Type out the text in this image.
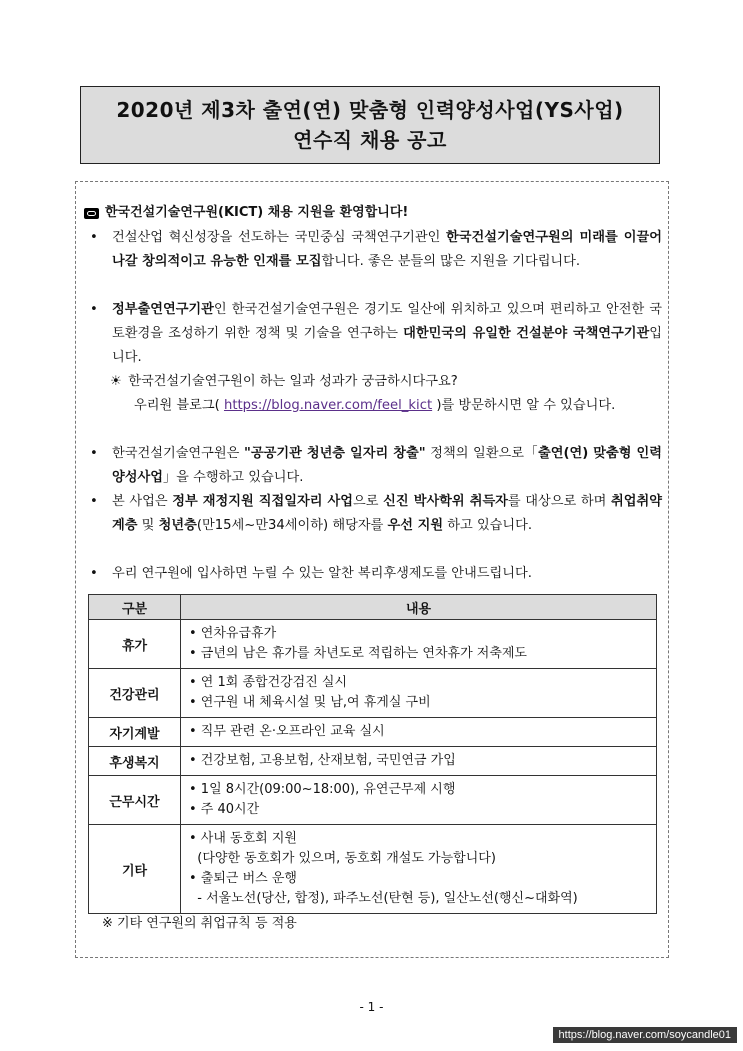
2020년 제3차 출연(연) 맞춤형 인력양성사업(YS사업)
연수직 채용 공고
한국건설기술연구원(KICT) 채용 지원을 환영합니다!
• 건설산업 혁신성장을 선도하는 국민중심 국책연구기관인 한국건설기술연구원의 미래를 이끌어 나갈 창의적이고 유능한 인재를 모집합니다. 좋은 분들의 많은 지원을 기다립니다.
• 정부출연연구기관인 한국건설기술연구원은 경기도 일산에 위치하고 있으며 편리하고 안전한 국토환경을 조성하기 위한 정책 및 기술을 연구하는 대한민국의 유일한 건설분야 국책연구기관입니다.
☀ 한국건설기술연구원이 하는 일과 성과가 궁금하시다구요?
우리원 블로그( https://blog.naver.com/feel_kict )를 방문하시면 알 수 있습니다.
• 한국건설기술연구원은 "공공기관 청년층 일자리 창출" 정책의 일환으로「출연(연) 맞춤형 인력양성사업」을 수행하고 있습니다.
• 본 사업은 정부 재정지원 직접일자리 사업으로 신진 박사학위 취득자를 대상으로 하며 취업취약계층 및 청년층(만15세~만34세이하) 해당자를 우선 지원 하고 있습니다.
• 우리 연구원에 입사하면 누릴 수 있는 알찬 복리후생제도를 안내드립니다.
구분	내용
휴가	• 연차유급휴가
• 금년의 남은 휴가를 차년도로 적립하는 연차휴가 저축제도

건강관리	• 연 1회 종합건강검진 실시
• 연구원 내 체육시설 및 남,여 휴게실 구비

자기계발	• 직무 관련 온·오프라인 교육 실시

후생복지	• 건강보험, 고용보험, 산재보험, 국민연금 가입

근무시간	• 1일 8시간(09:00~18:00), 유연근무제 시행
• 주 40시간

기타	• 사내 동호회 지원
(다양한 동호회가 있으며, 동호회 개설도 가능합니다)
• 출퇴근 버스 운행
- 서울노선(당산, 합정), 파주노선(탄현 등), 일산노선(행신~대화역)
※ 기타 연구원의 취업규칙 등 적용
- 1 -
https://blog.naver.com/soycandle01
